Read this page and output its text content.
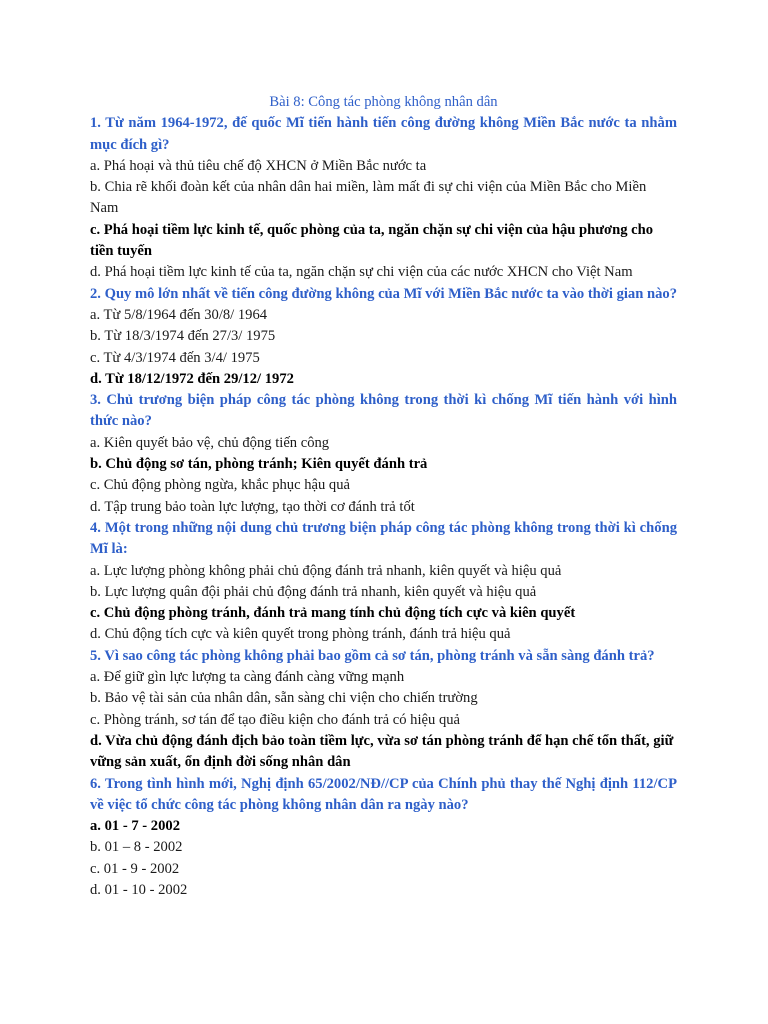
Bài 8: Công tác phòng không nhân dân

1. Từ năm 1964-1972, đế quốc Mĩ tiến hành tiến công đường không Miền Bắc nước ta nhằm mục đích gì?

a. Phá hoại và thủ tiêu chế độ XHCN ở Miền Bắc nước ta

b. Chia rẽ khối đoàn kết của nhân dân hai miền, làm mất đi sự chi viện của Miền Bắc cho Miền Nam

c. Phá hoại tiềm lực kinh tế, quốc phòng của ta, ngăn chặn sự chi viện của hậu phương cho tiền tuyến

d. Phá hoại tiềm lực kinh tế của ta, ngăn chặn sự chi viện của các nước XHCN cho Việt Nam

2. Quy mô lớn nhất về tiến công đường không của Mĩ với Miền Bắc nước ta vào thời gian nào?

a. Từ 5/8/1964 đến 30/8/ 1964

b. Từ 18/3/1974 đến 27/3/ 1975

c. Từ 4/3/1974 đến 3/4/ 1975

d. Từ 18/12/1972 đến 29/12/ 1972

3. Chủ trương biện pháp công tác phòng không trong thời kì chống Mĩ tiến hành với hình thức nào?

a. Kiên quyết bảo vệ, chủ động tiến công

b. Chủ động sơ tán, phòng tránh; Kiên quyết đánh trả

c. Chủ động phòng ngừa, khắc phục hậu quả

d. Tập trung bảo toàn lực lượng, tạo thời cơ đánh trả tốt

4. Một trong những nội dung chủ trương biện pháp công tác phòng không trong thời kì chống Mĩ là:

a. Lực lượng phòng không phải chủ động đánh trả nhanh, kiên quyết và hiệu quả

b. Lực lượng quân đội phải chủ động đánh trả nhanh, kiên quyết và hiệu quả

c. Chủ động phòng tránh, đánh trả mang tính chủ động tích cực và kiên quyết

d. Chủ động tích cực và kiên quyết trong phòng tránh, đánh trả hiệu quả

5. Vì sao công tác phòng không phải bao gồm cả sơ tán, phòng tránh và sẵn sàng đánh trả?

a. Để giữ gìn lực lượng ta càng đánh càng vững mạnh

b. Bảo vệ tài sản của nhân dân, sẵn sàng chi viện cho chiến trường

c. Phòng tránh, sơ tán để tạo điều kiện cho đánh trả có hiệu quả

d. Vừa chủ động đánh địch bảo toàn tiềm lực, vừa sơ tán phòng tránh để hạn chế tổn thất, giữ vững sản xuất, ổn định đời sống nhân dân

6. Trong tình hình mới, Nghị định 65/2002/NĐ//CP của Chính phủ thay thế Nghị định 112/CP về việc tổ chức công tác phòng không nhân dân ra ngày nào?

a. 01 - 7 - 2002

b. 01 – 8 - 2002

c. 01 - 9 - 2002

d. 01 - 10 - 2002
